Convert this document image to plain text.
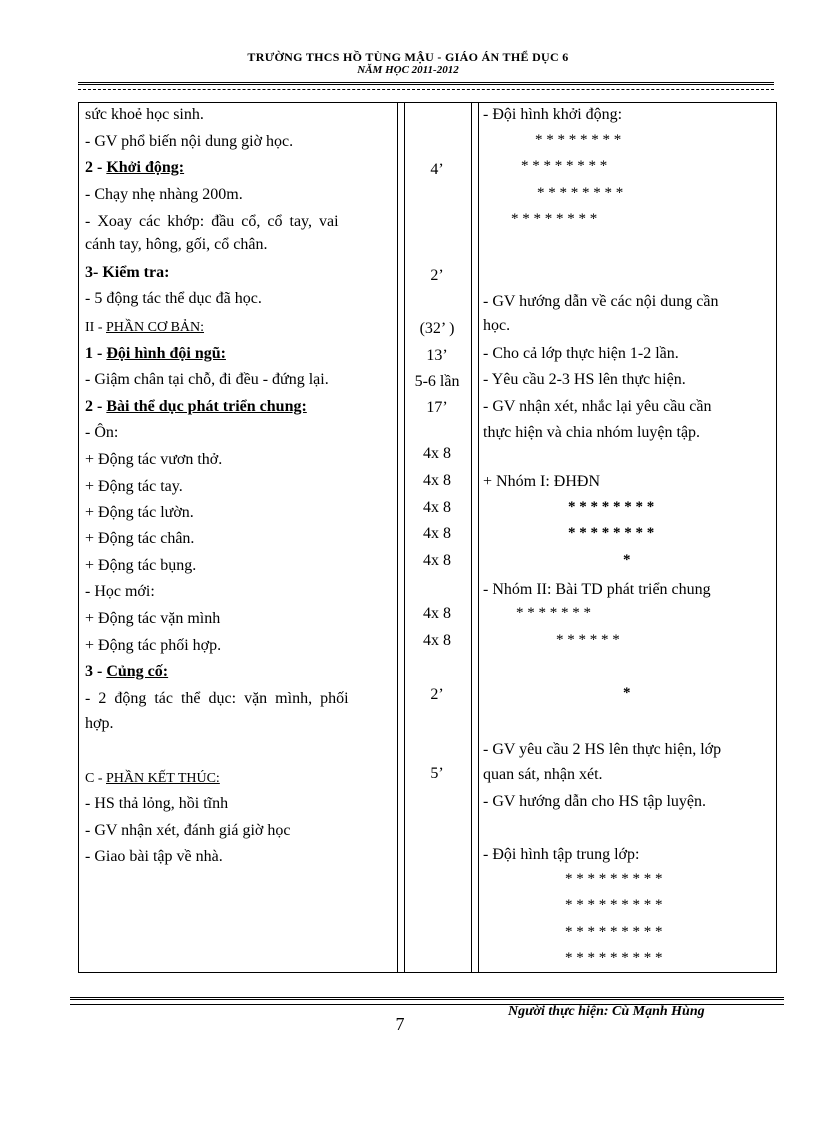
TRƯỜNG THCS HỒ TÙNG MẬU - GIÁO ÁN THỂ DỤC 6
NĂM HỌC 2011-2012
sức khoẻ học sinh.
- GV phổ biến nội dung giờ học.
2 - Khởi động:
- Chạy nhẹ nhàng 200m.
- Xoay các khớp: đầu cổ, cổ tay, vai
cánh tay, hông, gối, cổ chân.
3- Kiểm tra:
- 5 động tác thể dục đã học.
II - PHẦN CƠ BẢN:
1 - Đội hình đội ngũ:
- Giậm chân tại chỗ, đi đều - đứng lại.
2 - Bài thể dục phát triển chung:
- Ôn:
+ Động tác vươn thở.
+ Động tác tay.
+ Động tác lườn.
+ Động tác chân.
+ Động tác bụng.
- Học mới:
+ Động tác vặn mình
+ Động tác phối hợp.
3 - Củng cố:
- 2 động tác thể dục: vặn mình, phối
hợp.
C - PHẦN KẾT THÚC:
- HS thả lỏng, hồi tĩnh
- GV nhận xét, đánh giá giờ học
- Giao bài tập về nhà.
4’
2’
(32’ )
13’
5-6 lần
17’
4x 8
4x 8
4x 8
4x 8
4x 8
4x 8
4x 8
2’
5’
- Đội hình khởi động:
* * * * * * * *
* * * * * * * *
* * * * * * * *
* * * * * * * *
- GV hướng dẫn về các nội dung cần
học.
- Cho cả lớp thực hiện 1-2 lần.
- Yêu cầu 2-3 HS lên thực hiện.
- GV nhận xét, nhắc lại yêu cầu cần
thực hiện và chia nhóm luyện tập.
+ Nhóm I: ĐHĐN
* * * * * * * *
* * * * * * * *
*
- Nhóm II: Bài TD phát triển chung
* * * * * * *
* * * * * *
*
- GV yêu cầu 2 HS lên thực hiện, lớp
quan sát, nhận xét.
- GV hướng dẫn cho HS tập luyện.
- Đội hình tập trung lớp:
* * * * * * * * *
* * * * * * * * *
* * * * * * * * *
* * * * * * * * *
Người thực hiện: Cù Mạnh Hùng
7
